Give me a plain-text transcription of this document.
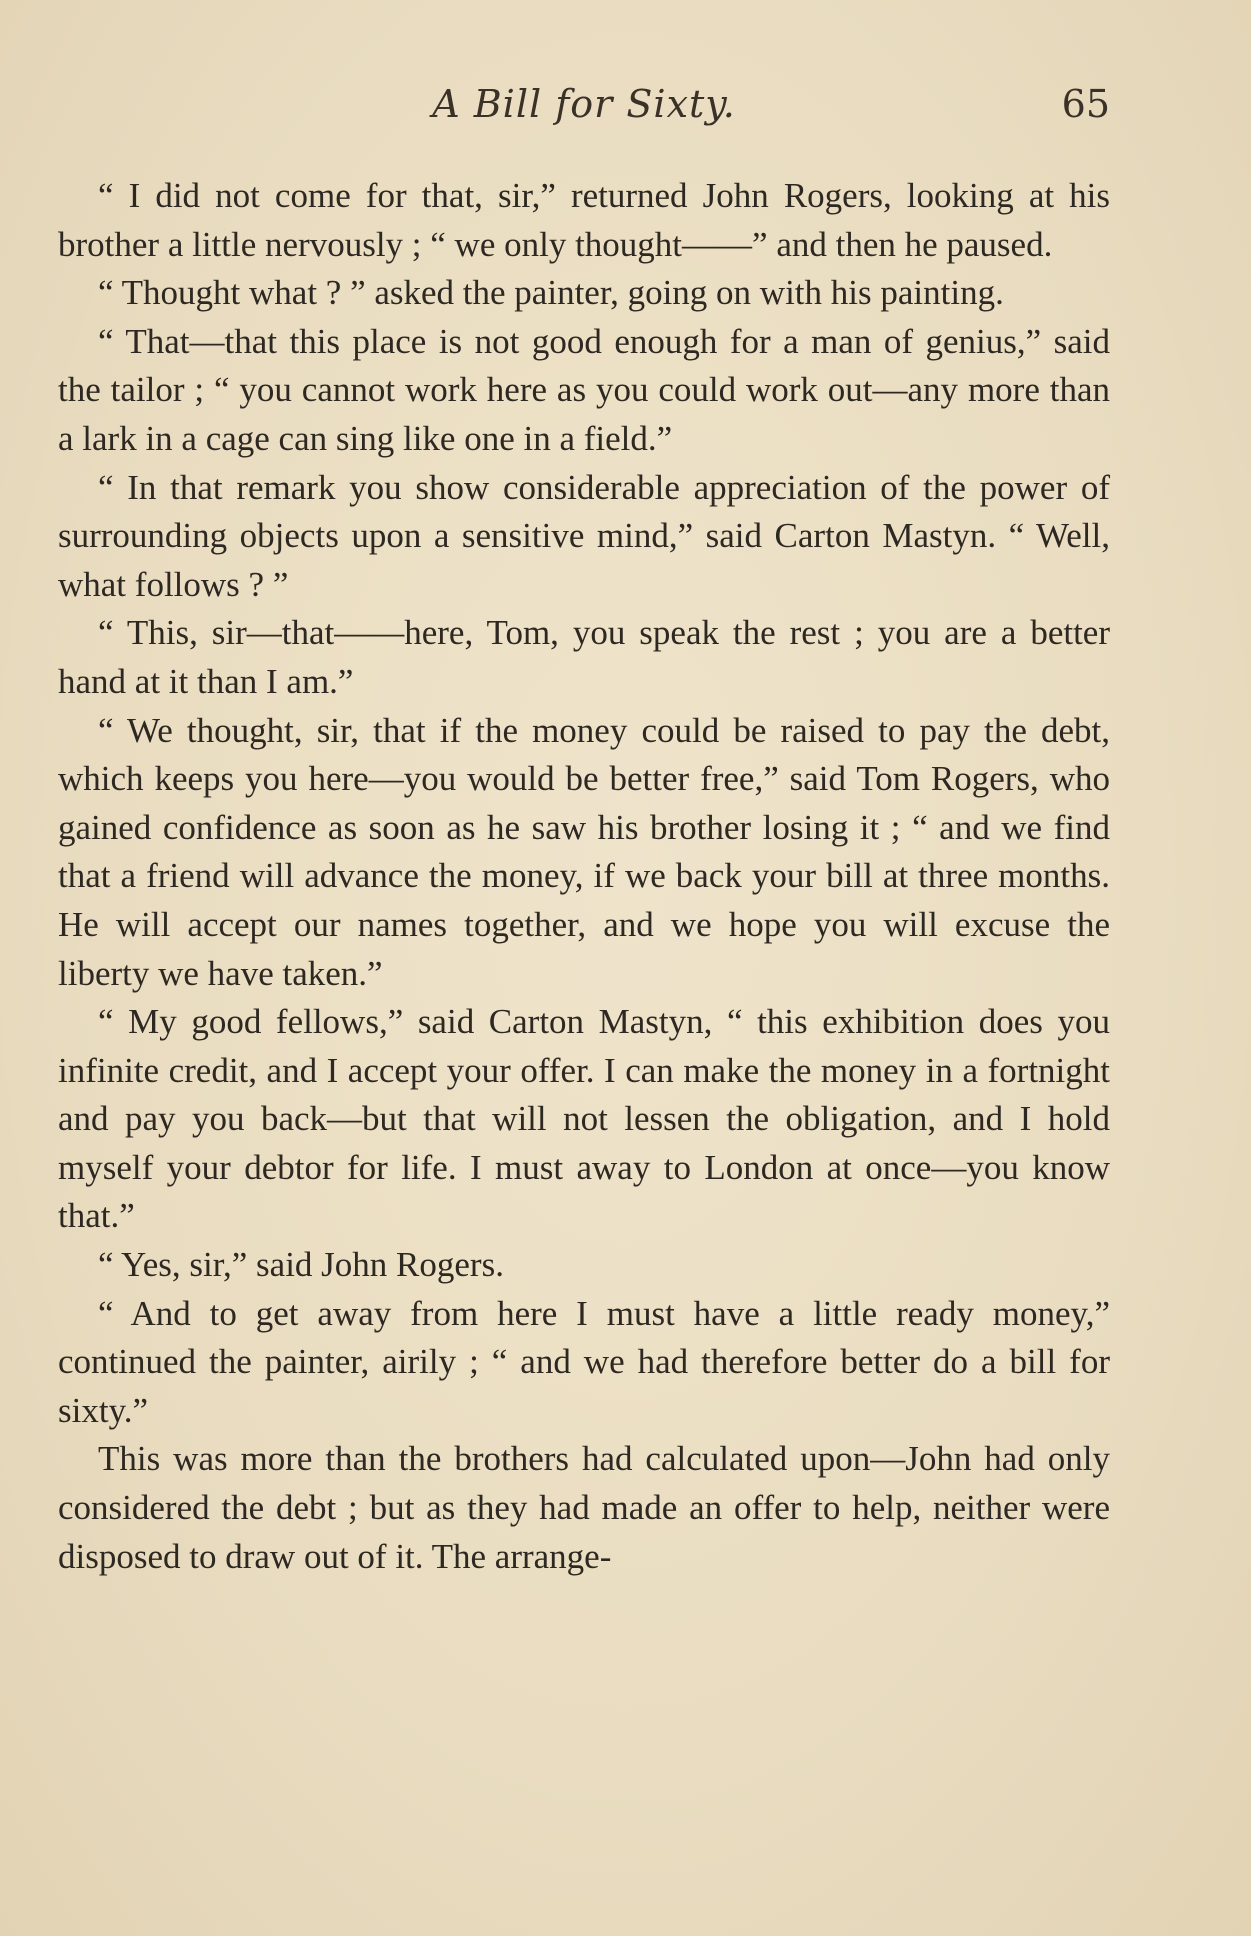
A Bill for Sixty.	65

“ I did not come for that, sir,” returned John Rogers, looking at his brother a little nervously ; “ we only thought——” and then he paused.

“ Thought what ? ” asked the painter, going on with his painting.

“ That—that this place is not good enough for a man of genius,” said the tailor ; “ you cannot work here as you could work out—any more than a lark in a cage can sing like one in a field.”

“ In that remark you show considerable appreciation of the power of surrounding objects upon a sensitive mind,” said Carton Mastyn. “ Well, what follows ? ”

“ This, sir—that——here, Tom, you speak the rest ; you are a better hand at it than I am.”

“ We thought, sir, that if the money could be raised to pay the debt, which keeps you here—you would be better free,” said Tom Rogers, who gained confidence as soon as he saw his brother losing it ; “ and we find that a friend will advance the money, if we back your bill at three months. He will accept our names together, and we hope you will excuse the liberty we have taken.”

“ My good fellows,” said Carton Mastyn, “ this exhibition does you infinite credit, and I accept your offer. I can make the money in a fortnight and pay you back—but that will not lessen the obligation, and I hold myself your debtor for life. I must away to London at once—you know that.”

“ Yes, sir,” said John Rogers.

“ And to get away from here I must have a little ready money,” continued the painter, airily ; “ and we had therefore better do a bill for sixty.”

This was more than the brothers had calculated upon—John had only considered the debt ; but as they had made an offer to help, neither were disposed to draw out of it. The arrange-
